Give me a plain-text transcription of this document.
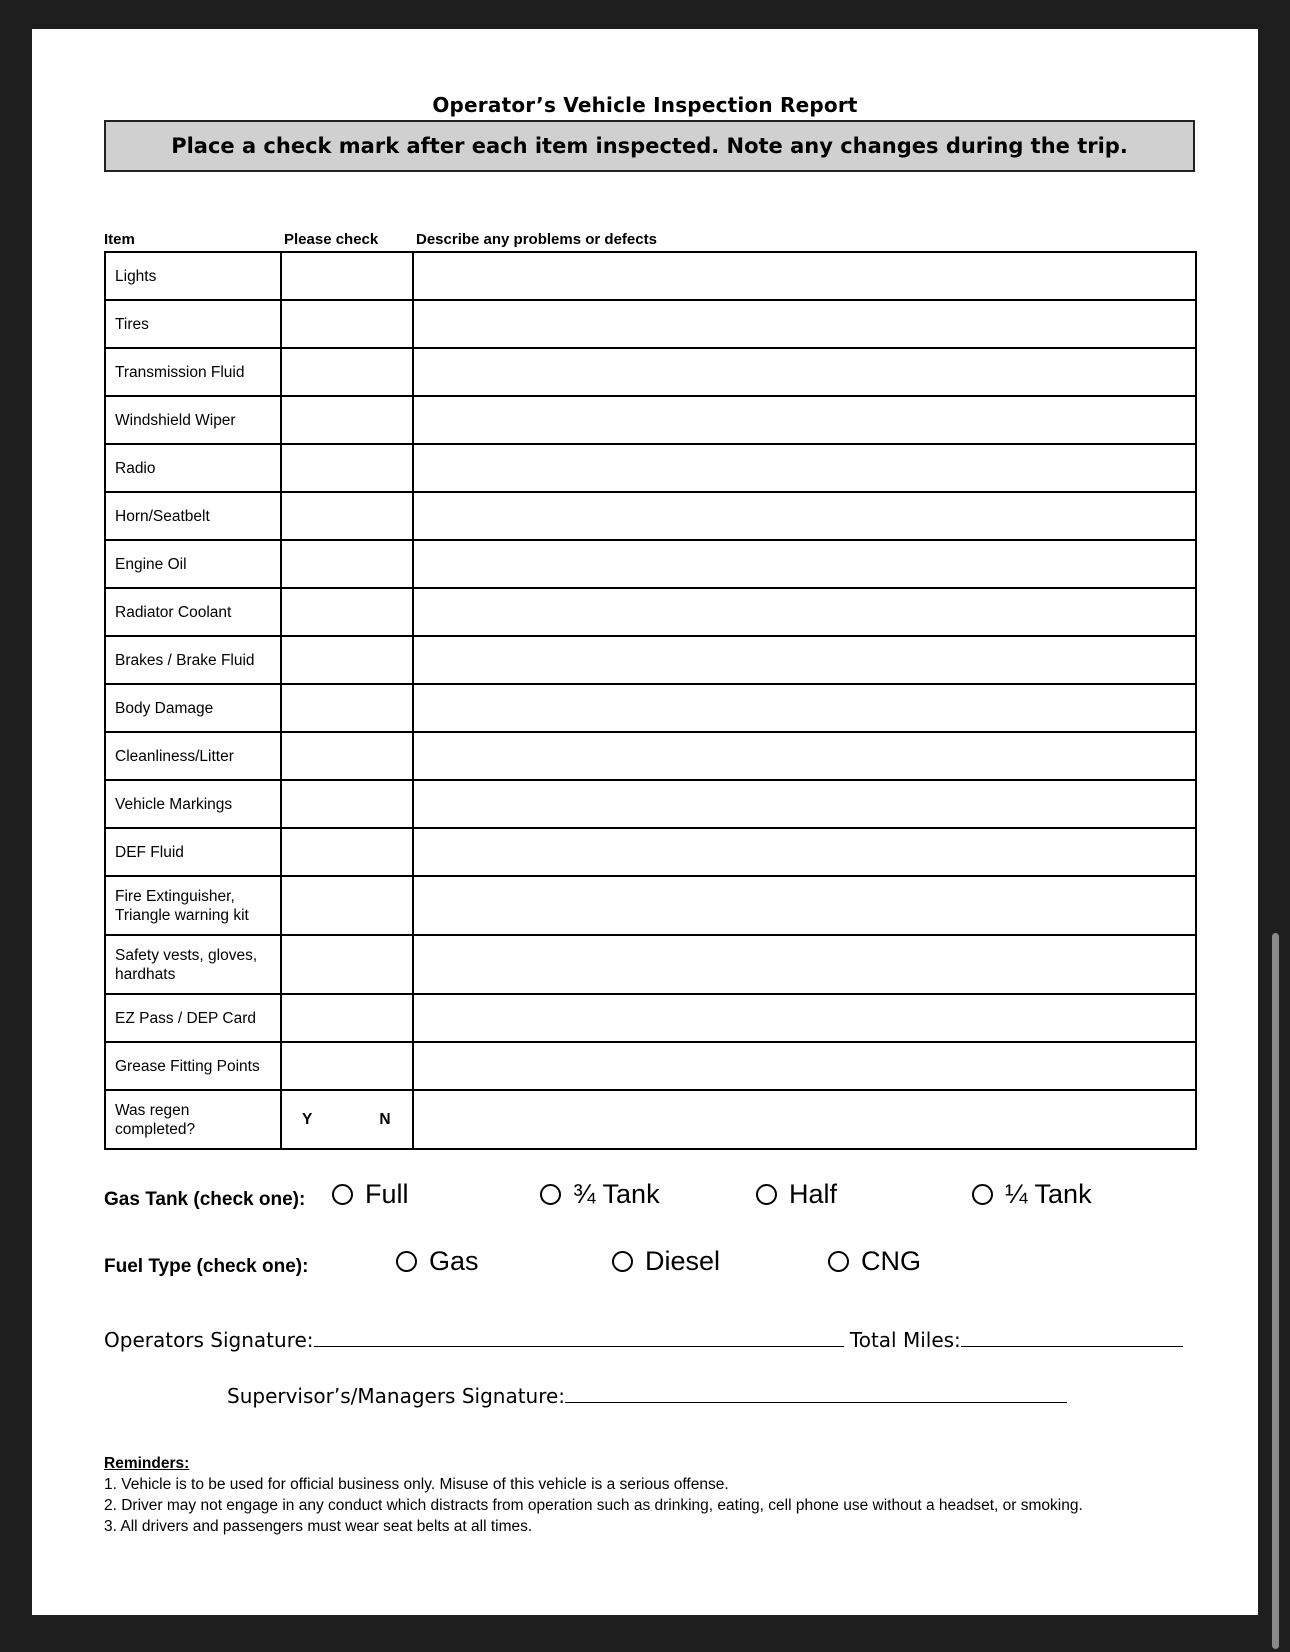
Operator’s Vehicle Inspection Report
Place a check mark after each item inspected. Note any changes during the trip.
Item	Please check	Describe any problems or defects
Lights		
Tires		
Transmission Fluid		
Windshield Wiper		
Radio		
Horn/Seatbelt		
Engine Oil		
Radiator Coolant		
Brakes / Brake Fluid		
Body Damage		
Cleanliness/Litter		
Vehicle Markings		
DEF Fluid		
Fire Extinguisher, Triangle warning kit		
Safety vests, gloves, hardhats		
EZ Pass / DEP Card		
Grease Fitting Points		
Was regen completed?	Y N	
Gas Tank (check one): Full	¾ Tank	Half	¼ Tank
Fuel Type (check one):	Gas	Diesel	CNG
Operators Signature:	Total Miles:
Supervisor’s/Managers Signature:
Reminders:
1. Vehicle is to be used for official business only. Misuse of this vehicle is a serious offense.
2. Driver may not engage in any conduct which distracts from operation such as drinking, eating, cell phone use without a headset, or smoking.
3. All drivers and passengers must wear seat belts at all times.
